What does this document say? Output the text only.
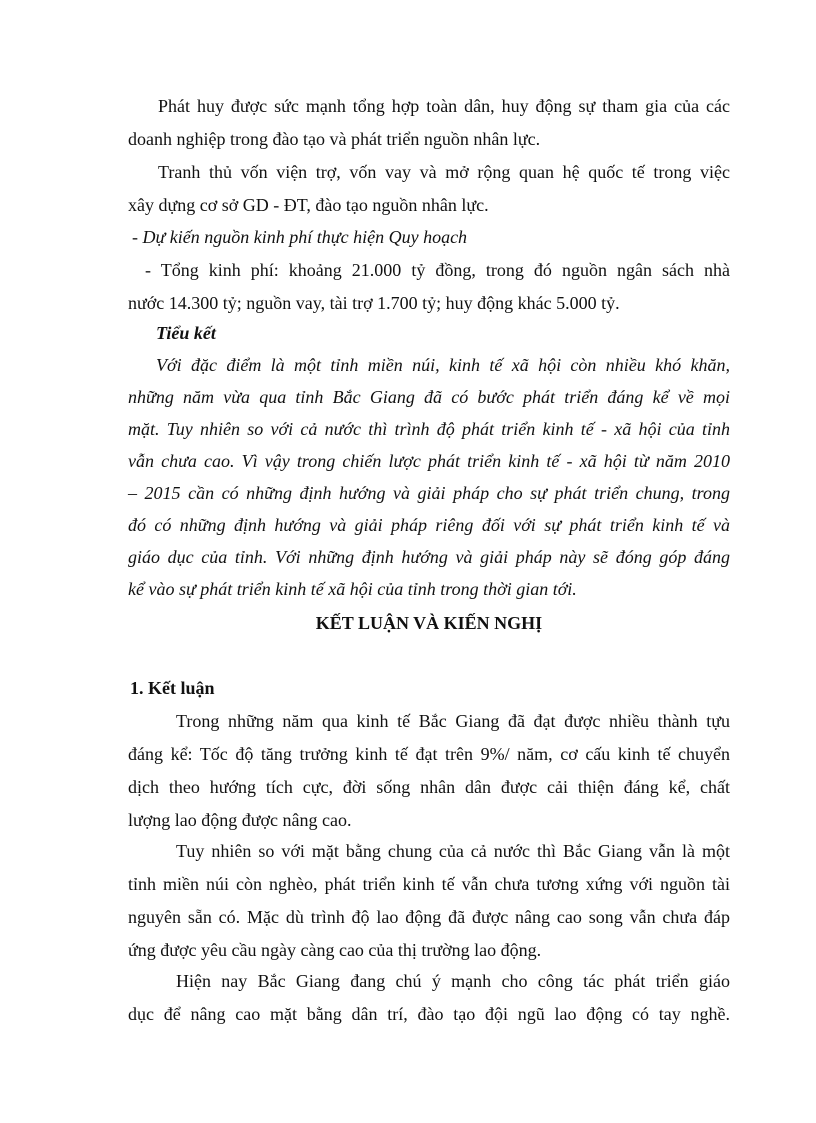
Phát huy được sức mạnh tổng hợp toàn dân, huy động sự tham gia của các
doanh nghiệp trong đào tạo và phát triển nguồn nhân lực.
Tranh thủ vốn viện trợ, vốn vay và mở rộng quan hệ quốc tế trong việc
xây dựng cơ sở GD - ĐT, đào tạo nguồn nhân lực.
- Dự kiến nguồn kinh phí thực hiện Quy hoạch
- Tổng kinh phí: khoảng 21.000 tỷ đồng, trong đó nguồn ngân sách nhà
nước 14.300 tỷ; nguồn vay, tài trợ 1.700 tỷ; huy động khác 5.000 tỷ.
Tiểu kết
Với đặc điểm là một tỉnh miền núi, kinh tế xã hội còn nhiều khó khăn,
những năm vừa qua tỉnh Bắc Giang đã có bước phát triển đáng kể về mọi
mặt. Tuy nhiên so với cả nước thì trình độ phát triển kinh tế - xã hội của tỉnh
vẫn chưa cao. Vì vậy trong chiến lược phát triển kinh tế - xã hội từ năm 2010
– 2015 cần có những định hướng và giải pháp cho sự phát triển chung, trong
đó có những định hướng và giải pháp riêng đối với sự phát triển kinh tế và
giáo dục của tỉnh. Với những định hướng và giải pháp này sẽ đóng góp đáng
kể vào sự phát triển kinh tế xã hội của tỉnh trong thời gian tới.
KẾT LUẬN VÀ KIẾN NGHỊ
1. Kết luận
Trong những năm qua kinh tế Bắc Giang đã đạt được nhiều thành tựu
đáng kể: Tốc độ tăng trưởng kinh tế đạt trên 9%/ năm, cơ cấu kinh tế chuyển
dịch theo hướng tích cực, đời sống nhân dân được cải thiện đáng kể, chất
lượng lao động được nâng cao.
Tuy nhiên so với mặt bằng chung của cả nước thì Bắc Giang vẫn là một
tỉnh miền núi còn nghèo, phát triển kinh tế vẫn chưa tương xứng với nguồn tài
nguyên sẵn có. Mặc dù trình độ lao động đã được nâng cao song vẫn chưa đáp
ứng được yêu cầu ngày càng cao của thị trường lao động.
Hiện nay Bắc Giang đang chú ý mạnh cho công tác phát triển giáo
dục để nâng cao mặt bằng dân trí, đào tạo đội ngũ lao động có tay nghề.
